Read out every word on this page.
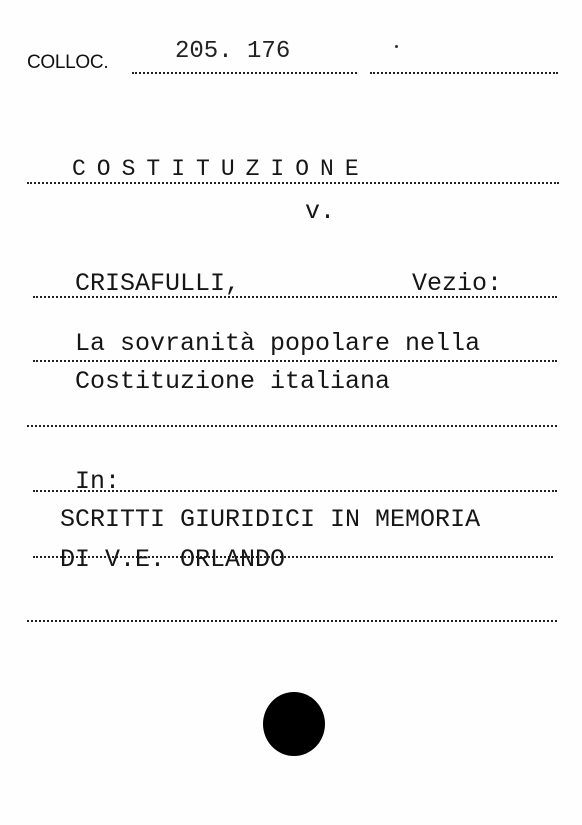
COLLOC.	205. 176
COSTITUZIONE
v.
CRISAFULLI,	Vezio:
La sovranità popolare nella
Costituzione italiana
In:
SCRITTI GIURIDICI IN MEMORIA
DI V.E. ORLANDO
